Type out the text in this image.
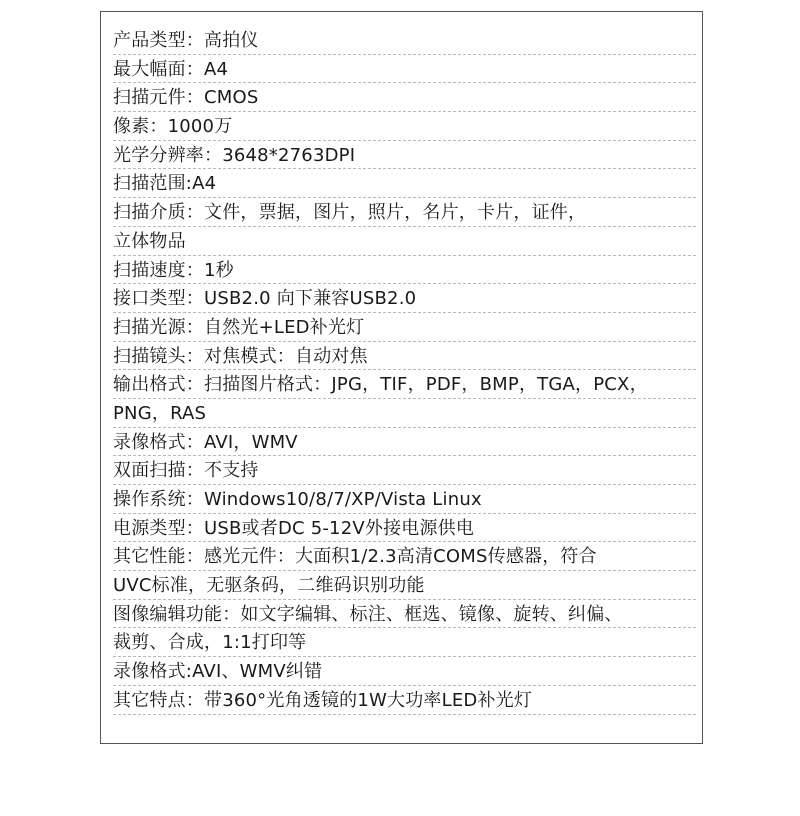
产品类型：高拍仪
最大幅面：A4
扫描元件：CMOS
像素：1000万
光学分辨率：3648*2763DPI
扫描范围:A4
扫描介质：文件，票据，图片，照片，名片，卡片，证件，
立体物品
扫描速度：1秒
接口类型：USB2.0 向下兼容USB2.0
扫描光源：自然光+LED补光灯
扫描镜头：对焦模式：自动对焦
输出格式：扫描图片格式：JPG，TIF，PDF，BMP，TGA，PCX，
PNG，RAS
录像格式：AVI，WMV
双面扫描：不支持
操作系统：Windows10/8/7/XP/Vista Linux
电源类型：USB或者DC 5-12V外接电源供电
其它性能：感光元件：大面积1/2.3高清COMS传感器，符合
UVC标准，无驱条码，二维码识别功能
图像编辑功能：如文字编辑、标注、框选、镜像、旋转、纠偏、
裁剪、合成，1:1打印等
录像格式:AVI、WMV纠错
其它特点：带360°光角透镜的1W大功率LED补光灯
